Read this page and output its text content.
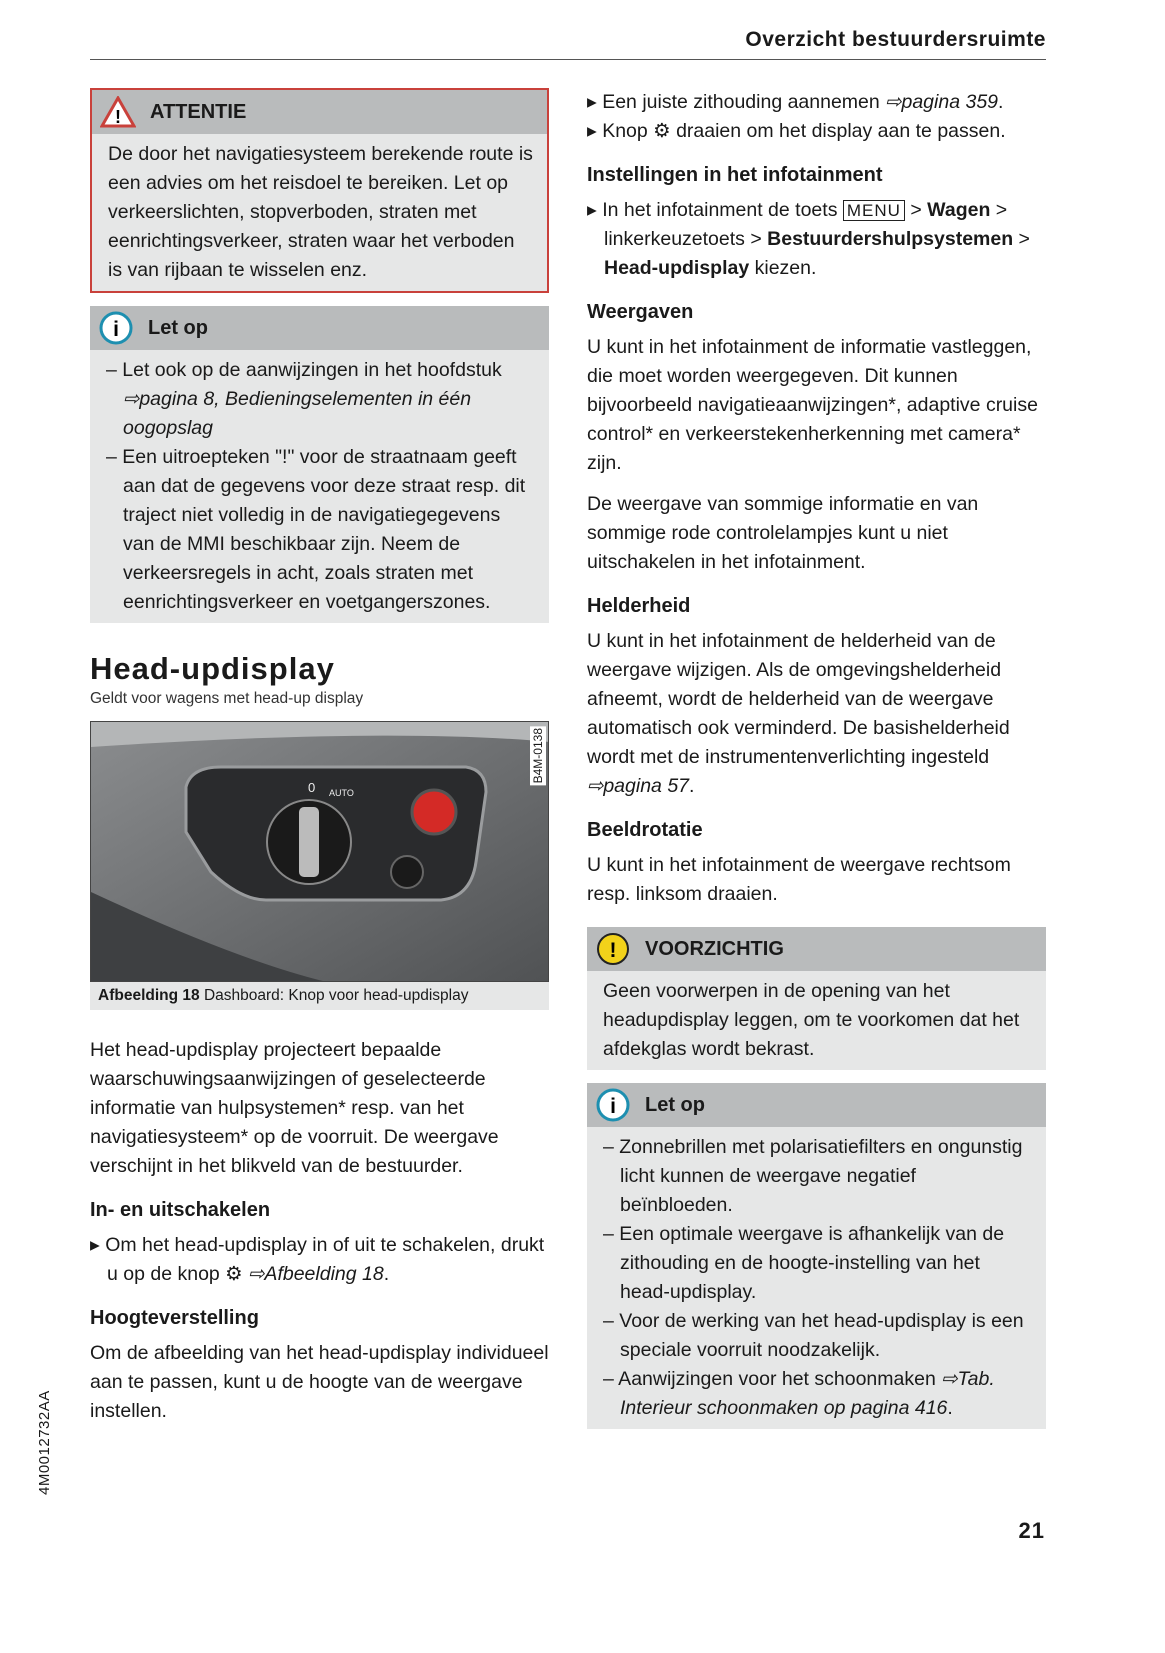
Overzicht bestuurdersruimte
! ATTENTIE
De door het navigatiesysteem berekende route is een advies om het reisdoel te bereiken. Let op verkeerslichten, stopverboden, straten met eenrichtingsverkeer, straten waar het verboden is van rijbaan te wisselen enz.
i Let op
– Let ook op de aanwijzingen in het hoofdstuk ⇨pagina 8, Bedieningselementen in één oogopslag
– Een uitroepteken "!" voor de straatnaam geeft aan dat de gegevens voor deze straat resp. dit traject niet volledig in de navigatiegegevens van de MMI beschikbaar zijn. Neem de verkeersregels in acht, zoals straten met eenrichtingsverkeer en voetgangerszones.
Head-updisplay
Geldt voor wagens met head-up display
0 AUTO
B4M-0138
Afbeelding 18 Dashboard: Knop voor head-updisplay

Het head-updisplay projecteert bepaalde waarschuwingsaanwijzingen of geselecteerde informatie van hulpsystemen* resp. van het navigatiesysteem* op de voorruit. De weergave verschijnt in het blikveld van de bestuurder.

In- en uitschakelen

▸ Om het head-updisplay in of uit te schakelen, drukt u op de knop ⚙ ⇨Afbeelding 18.

Hoogteverstelling

Om de afbeelding van het head-updisplay individueel aan te passen, kunt u de hoogte van de weergave instellen.

▸ Een juiste zithouding aannemen ⇨pagina 359.
▸ Knop ⚙ draaien om het display aan te passen.
Instellingen in het infotainment

▸ In het infotainment de toets MENU > Wagen > linkerkeuzetoets > Bestuurdershulpsystemen > Head-updisplay kiezen.

Weergaven

U kunt in het infotainment de informatie vastleggen, die moet worden weergegeven. Dit kunnen bijvoorbeeld navigatieaanwijzingen*, adaptive cruise control* en verkeerstekenherkenning met camera* zijn.

De weergave van sommige informatie en van sommige rode controlelampjes kunt u niet uitschakelen in het infotainment.

Helderheid

U kunt in het infotainment de helderheid van de weergave wijzigen. Als de omgevingshelderheid afneemt, wordt de helderheid van de weergave automatisch ook verminderd. De basishelderheid wordt met de instrumentenverlichting ingesteld ⇨pagina 57.

Beeldrotatie

U kunt in het infotainment de weergave rechtsom resp. linksom draaien.

! VOORZICHTIG
Geen voorwerpen in de opening van het headupdisplay leggen, om te voorkomen dat het afdekglas wordt bekrast.
i Let op
– Zonnebrillen met polarisatiefilters en ongunstig licht kunnen de weergave negatief beïnbloeden.
– Een optimale weergave is afhankelijk van de zithouding en de hoogte-instelling van het head-updisplay.
– Voor de werking van het head-updisplay is een speciale voorruit noodzakelijk.
– Aanwijzingen voor het schoonmaken ⇨Tab. Interieur schoonmaken op pagina 416.
4M0012732AA
21
